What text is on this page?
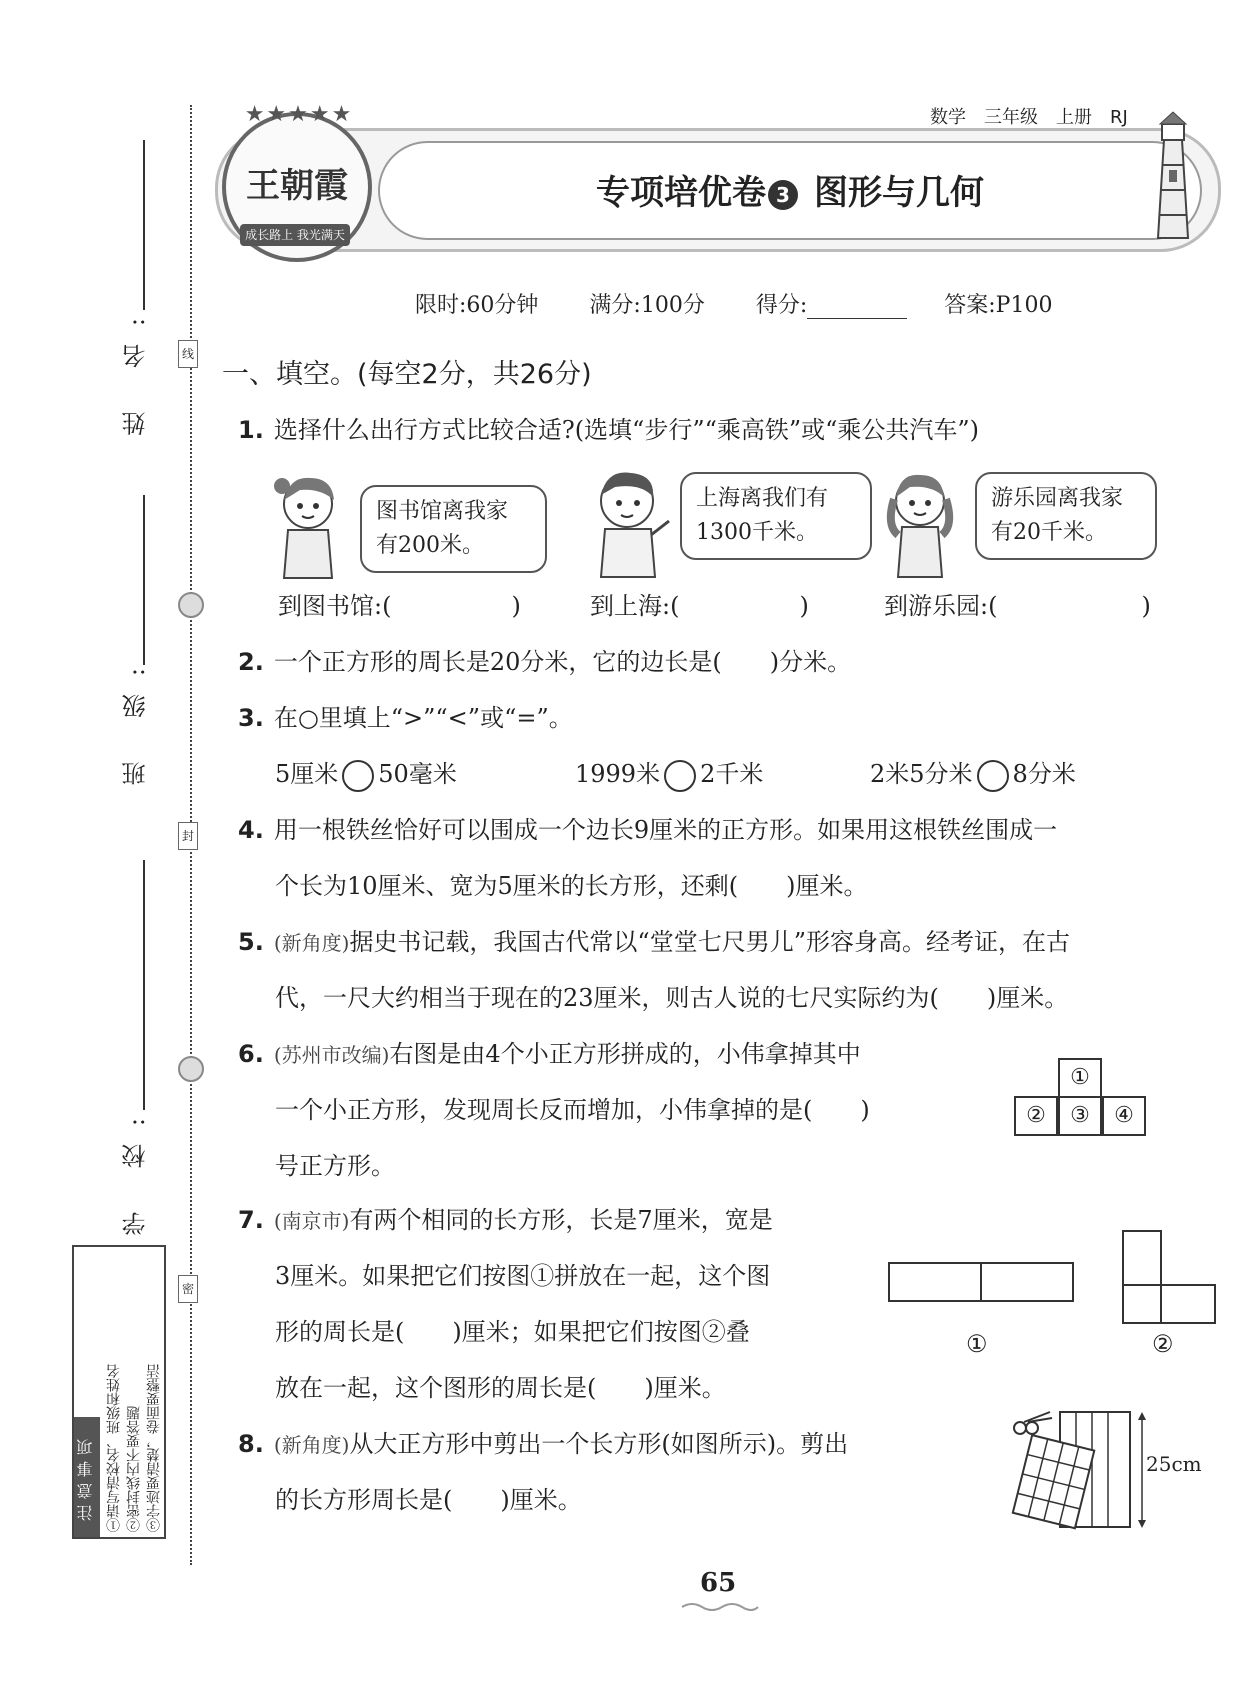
线
封
密
姓 名:
班 级:
学 校:
注意事项 ①请写清校名、班级和姓名 ②密封线内不要答题 ③字迹要清楚，卷面要整洁
数学　三年级　上册　RJ
专项培优卷 3 图形与几何
★★★★★
王朝霞
成长路上 我光满天
限时:60分钟　　 满分:100分　　 得分:	答案:P100
一、填空。(每空2分，共26分)
1. 选择什么出行方式比较合适?(选填“步行”“乘高铁”或“乘公共汽车”)
图书馆离我家
有200米。
上海离我们有
1300千米。
游乐园离我家
有20千米。
到图书馆:(　　　　　)	到上海:(　　　　　)	到游乐园:(　　　　　　)
2. 一个正方形的周长是20分米，它的边长是(　　)分米。
3. 在○里填上“>”“<”或“=”。
5厘米 50毫米	1999米 2千米	2米5分米 8分米
4. 用一根铁丝恰好可以围成一个边长9厘米的正方形。如果用这根铁丝围成一
个长为10厘米、宽为5厘米的长方形，还剩(　　)厘米。
5. (新角度)据史书记载，我国古代常以“堂堂七尺男儿”形容身高。经考证，在古
代，一尺大约相当于现在的23厘米，则古人说的七尺实际约为(　　)厘米。
6. (苏州市改编)右图是由4个小正方形拼成的，小伟拿掉其中
一个小正方形，发现周长反而增加，小伟拿掉的是(　　)
号正方形。
①
②	③	④
7. (南京市)有两个相同的长方形，长是7厘米，宽是
3厘米。如果把它们按图①拼放在一起，这个图
形的周长是(　　)厘米；如果把它们按图②叠
放在一起，这个图形的周长是(　　)厘米。
①	②
8. (新角度)从大正方形中剪出一个长方形(如图所示)。剪出
的长方形周长是(　　)厘米。
25cm
65
